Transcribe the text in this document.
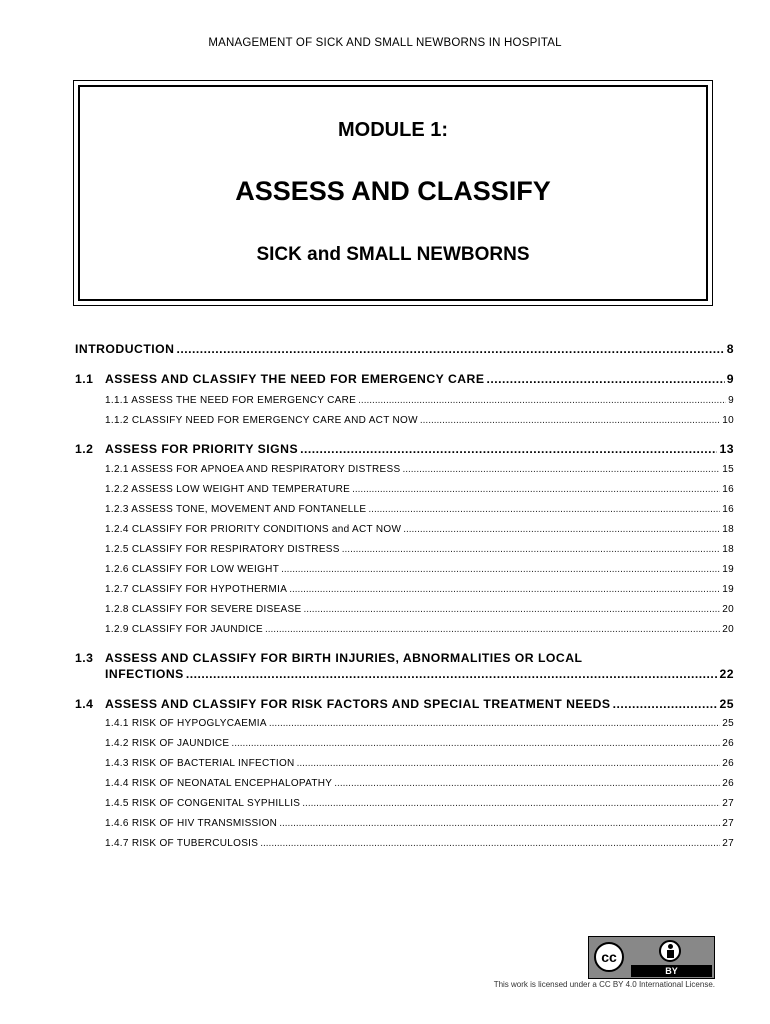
MANAGEMENT OF SICK AND SMALL NEWBORNS IN HOSPITAL
MODULE 1:
ASSESS AND CLASSIFY
SICK and SMALL NEWBORNS
INTRODUCTION .....	8
1.1 ASSESS AND CLASSIFY THE NEED FOR EMERGENCY CARE .....	9
1.1.1 ASSESS THE NEED FOR EMERGENCY CARE .....	9
1.1.2 CLASSIFY NEED FOR EMERGENCY CARE AND ACT NOW .....	10
1.2 ASSESS FOR PRIORITY SIGNS .....	13
1.2.1 ASSESS FOR APNOEA AND RESPIRATORY DISTRESS .....	15
1.2.2 ASSESS LOW WEIGHT AND TEMPERATURE .....	16
1.2.3 ASSESS TONE, MOVEMENT AND FONTANELLE .....	16
1.2.4 CLASSIFY FOR PRIORITY CONDITIONS and ACT NOW .....	18
1.2.5 CLASSIFY FOR RESPIRATORY DISTRESS .....	18
1.2.6 CLASSIFY FOR LOW WEIGHT .....	19
1.2.7 CLASSIFY FOR HYPOTHERMIA .....	19
1.2.8 CLASSIFY FOR SEVERE DISEASE .....	20
1.2.9 CLASSIFY FOR JAUNDICE .....	20
1.3 ASSESS AND CLASSIFY FOR BIRTH INJURIES, ABNORMALITIES OR LOCAL
INFECTIONS .....	22
1.4 ASSESS AND CLASSIFY FOR RISK FACTORS AND SPECIAL TREATMENT NEEDS .....	25
1.4.1 RISK OF HYPOGLYCAEMIA .....	25
1.4.2 RISK OF JAUNDICE .....	26
1.4.3 RISK OF BACTERIAL INFECTION .....	26
1.4.4 RISK OF NEONATAL ENCEPHALOPATHY .....	26
1.4.5 RISK OF CONGENITAL SYPHILLIS .....	27
1.4.6 RISK OF HIV TRANSMISSION .....	27
1.4.7 RISK OF TUBERCULOSIS .....	27
cc
BY
This work is licensed under a CC BY 4.0 International License.
